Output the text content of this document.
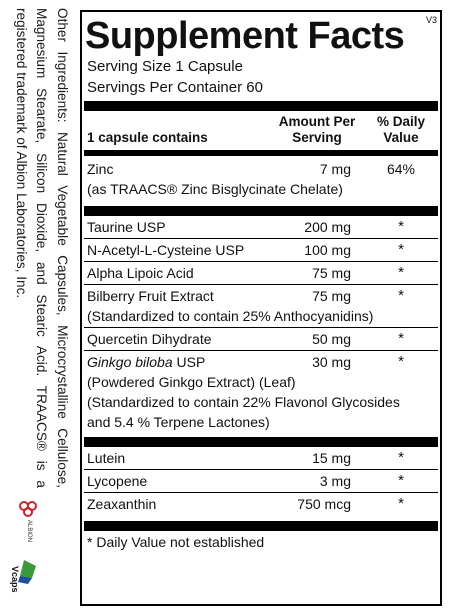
Other Ingredients: Natural Vegetable Capsules, Microcrystalline Cellulose, Magnesium Stearate, Silicon Dioxide, and Stearic Acid. TRAACS® is a registered trademark of Albion Laboratories, Inc.

ALBION
Vcaps
V3
Supplement Facts
Serving Size 1 Capsule
Servings Per Container 60
1 capsule contains
Amount Per Serving
% Daily Value
Zinc	7 mg	64%
(as TRAACS® Zinc Bisglycinate Chelate)
Taurine USP	200 mg	*
N-Acetyl-L-Cysteine USP	100 mg	*
Alpha Lipoic Acid	75 mg	*
Bilberry Fruit Extract	75 mg	*
(Standardized to contain 25% Anthocyanidins)
Quercetin Dihydrate	50 mg	*
Ginkgo biloba USP	30 mg	*
(Powdered Ginkgo Extract) (Leaf)
(Standardized to contain 22% Flavonol Glycosides
and 5.4 % Terpene Lactones)
Lutein	15 mg	*
Lycopene	3 mg	*
Zeaxanthin	750 mcg	*
* Daily Value not established
